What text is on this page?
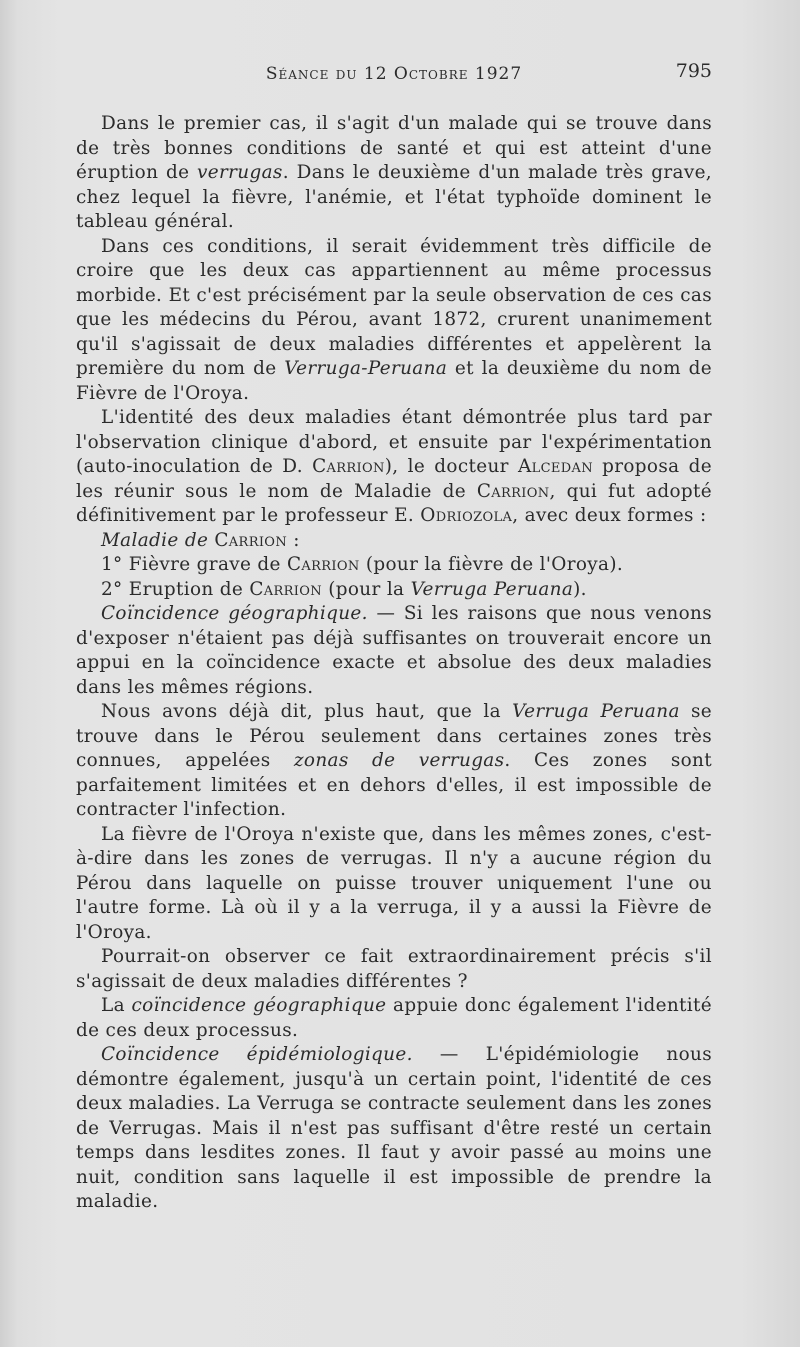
Séance du 12 Octobre 1927	795

Dans le premier cas, il s'agit d'un malade qui se trouve dans de très bonnes conditions de santé et qui est atteint d'une éruption de verrugas. Dans le deuxième d'un malade très grave, chez lequel la fièvre, l'anémie, et l'état typhoïde dominent le tableau général.

Dans ces conditions, il serait évidemment très difficile de croire que les deux cas appartiennent au même processus morbide. Et c'est précisément par la seule observation de ces cas que les médecins du Pérou, avant 1872, crurent unanimement qu'il s'agissait de deux maladies différentes et appelèrent la première du nom de Verruga-Peruana et la deuxième du nom de Fièvre de l'Oroya.

L'identité des deux maladies étant démontrée plus tard par l'observation clinique d'abord, et ensuite par l'expérimentation (auto-inoculation de D. Carrion), le docteur Alcedan proposa de les réunir sous le nom de Maladie de Carrion, qui fut adopté définitivement par le professeur E. Odriozola, avec deux formes :

Maladie de Carrion :

1° Fièvre grave de Carrion (pour la fièvre de l'Oroya).

2° Eruption de Carrion (pour la Verruga Peruana).

Coïncidence géographique. — Si les raisons que nous venons d'exposer n'étaient pas déjà suffisantes on trouverait encore un appui en la coïncidence exacte et absolue des deux maladies dans les mêmes régions.

Nous avons déjà dit, plus haut, que la Verruga Peruana se trouve dans le Pérou seulement dans certaines zones très connues, appelées zonas de verrugas. Ces zones sont parfaitement limitées et en dehors d'elles, il est impossible de contracter l'infection.

La fièvre de l'Oroya n'existe que, dans les mêmes zones, c'est-à-dire dans les zones de verrugas. Il n'y a aucune région du Pérou dans laquelle on puisse trouver uniquement l'une ou l'autre forme. Là où il y a la verruga, il y a aussi la Fièvre de l'Oroya.

Pourrait-on observer ce fait extraordinairement précis s'il s'agissait de deux maladies différentes ?

La coïncidence géographique appuie donc également l'identité de ces deux processus.

Coïncidence épidémiologique. — L'épidémiologie nous démontre également, jusqu'à un certain point, l'identité de ces deux maladies. La Verruga se contracte seulement dans les zones de Verrugas. Mais il n'est pas suffisant d'être resté un certain temps dans lesdites zones. Il faut y avoir passé au moins une nuit, condition sans laquelle il est impossible de prendre la maladie.
